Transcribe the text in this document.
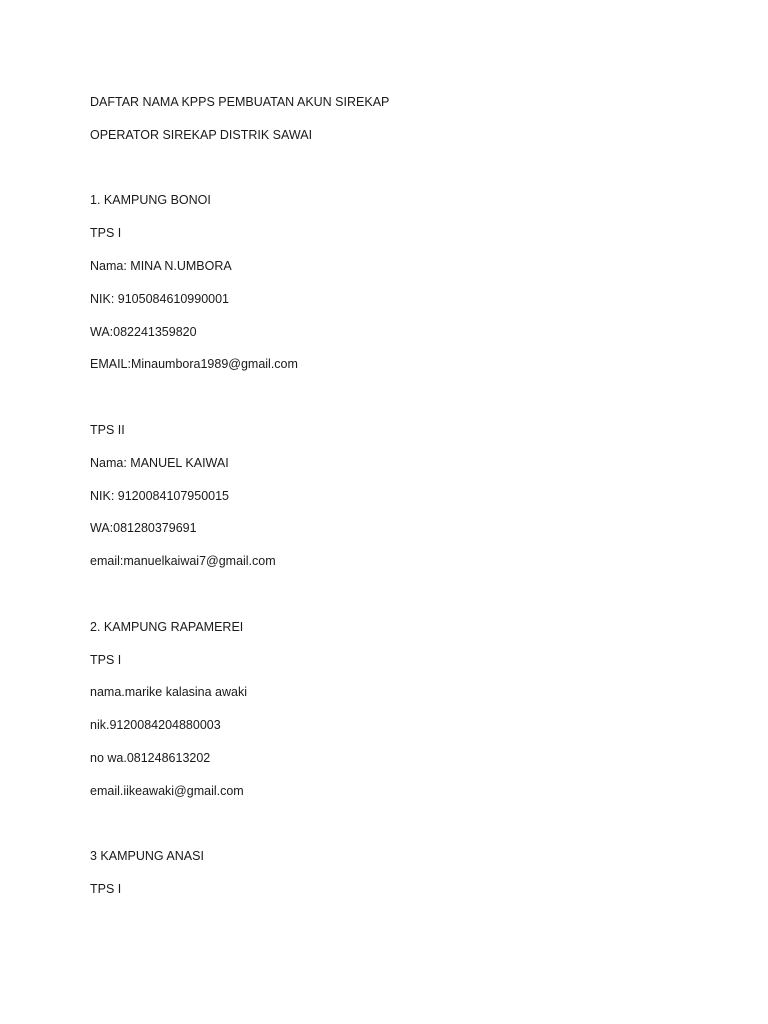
DAFTAR NAMA KPPS PEMBUATAN AKUN SIREKAP
OPERATOR SIREKAP DISTRIK SAWAI
1. KAMPUNG BONOI
TPS I
Nama: MINA N.UMBORA
NIK: 9105084610990001
WA:082241359820
EMAIL:Minaumbora1989@gmail.com
TPS II
Nama: MANUEL KAIWAI
NIK: 9120084107950015
WA:081280379691
email:manuelkaiwai7@gmail.com
2. KAMPUNG RAPAMEREI
TPS I
nama.marike kalasina awaki
nik.9120084204880003
no wa.081248613202
email.iikeawaki@gmail.com
3 KAMPUNG ANASI
TPS I
